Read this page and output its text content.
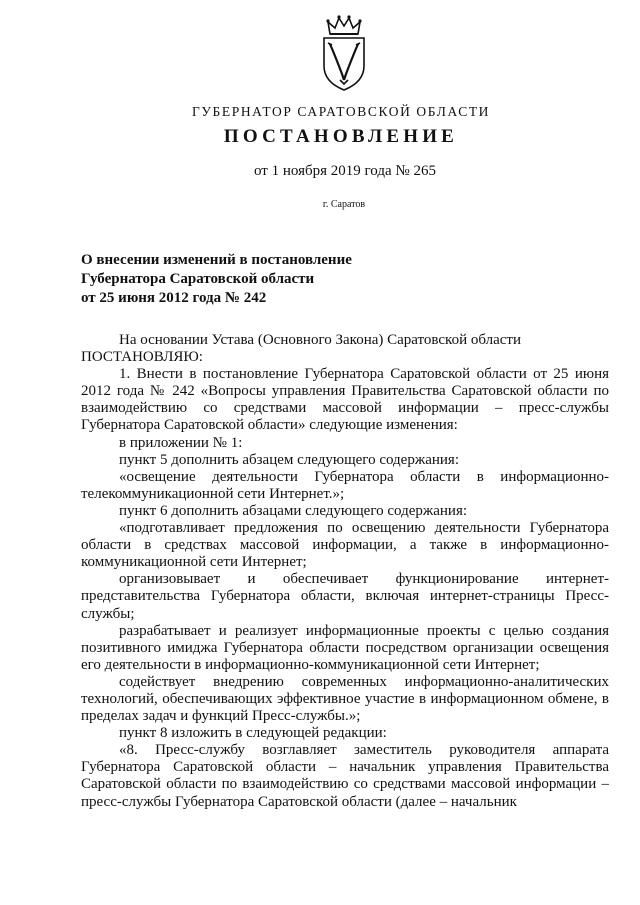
ГУБЕРНАТОР САРАТОВСКОЙ ОБЛАСТИ
ПОСТАНОВЛЕНИЕ
от 1 ноября 2019 года № 265
г. Саратов
О внесении изменений в постановление
Губернатора Саратовской области
от 25 июня 2012 года № 242

На основании Устава (Основного Закона) Саратовской области

ПОСТАНОВЛЯЮ:

1. Внести в постановление Губернатора Саратовской области от 25 июня 2012 года № 242 «Вопросы управления Правительства Саратовской области по взаимодействию со средствами массовой информации – пресс-службы Губернатора Саратовской области» следующие изменения:

в приложении № 1:

пункт 5 дополнить абзацем следующего содержания:

«освещение деятельности Губернатора области в информационно-телекоммуникационной сети Интернет.»;

пункт 6 дополнить абзацами следующего содержания:

«подготавливает предложения по освещению деятельности Губернатора области в средствах массовой информации, а также в информационно-коммуникационной сети Интернет;

организовывает и обеспечивает функционирование интернет-представительства Губернатора области, включая интернет-страницы Пресс-службы;

разрабатывает и реализует информационные проекты с целью создания позитивного имиджа Губернатора области посредством организации освещения его деятельности в информационно-коммуникационной сети Интернет;

содействует внедрению современных информационно-аналитических технологий, обеспечивающих эффективное участие в информационном обмене, в пределах задач и функций Пресс-службы.»;

пункт 8 изложить в следующей редакции:

«8. Пресс-службу возглавляет заместитель руководителя аппарата Губернатора Саратовской области – начальник управления Правительства Саратовской области по взаимодействию со средствами массовой информации – пресс-службы Губернатора Саратовской области (далее – начальник
